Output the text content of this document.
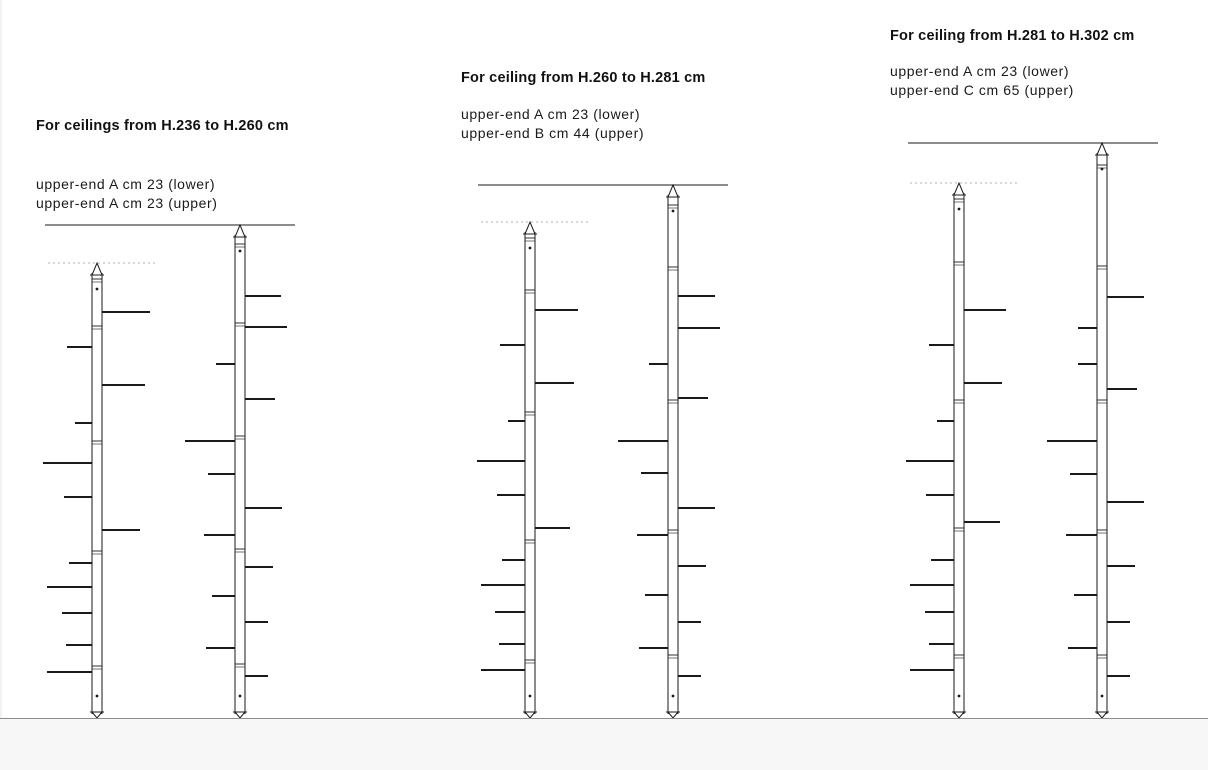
For ceilings from H.236 to H.260 cm
upper-end A cm 23 (lower)
upper-end A cm 23 (upper)
For ceiling from H.260 to H.281 cm
upper-end A cm 23 (lower)
upper-end B cm 44 (upper)
For ceiling from H.281 to H.302 cm
upper-end A cm 23 (lower)
upper-end C cm 65 (upper)
